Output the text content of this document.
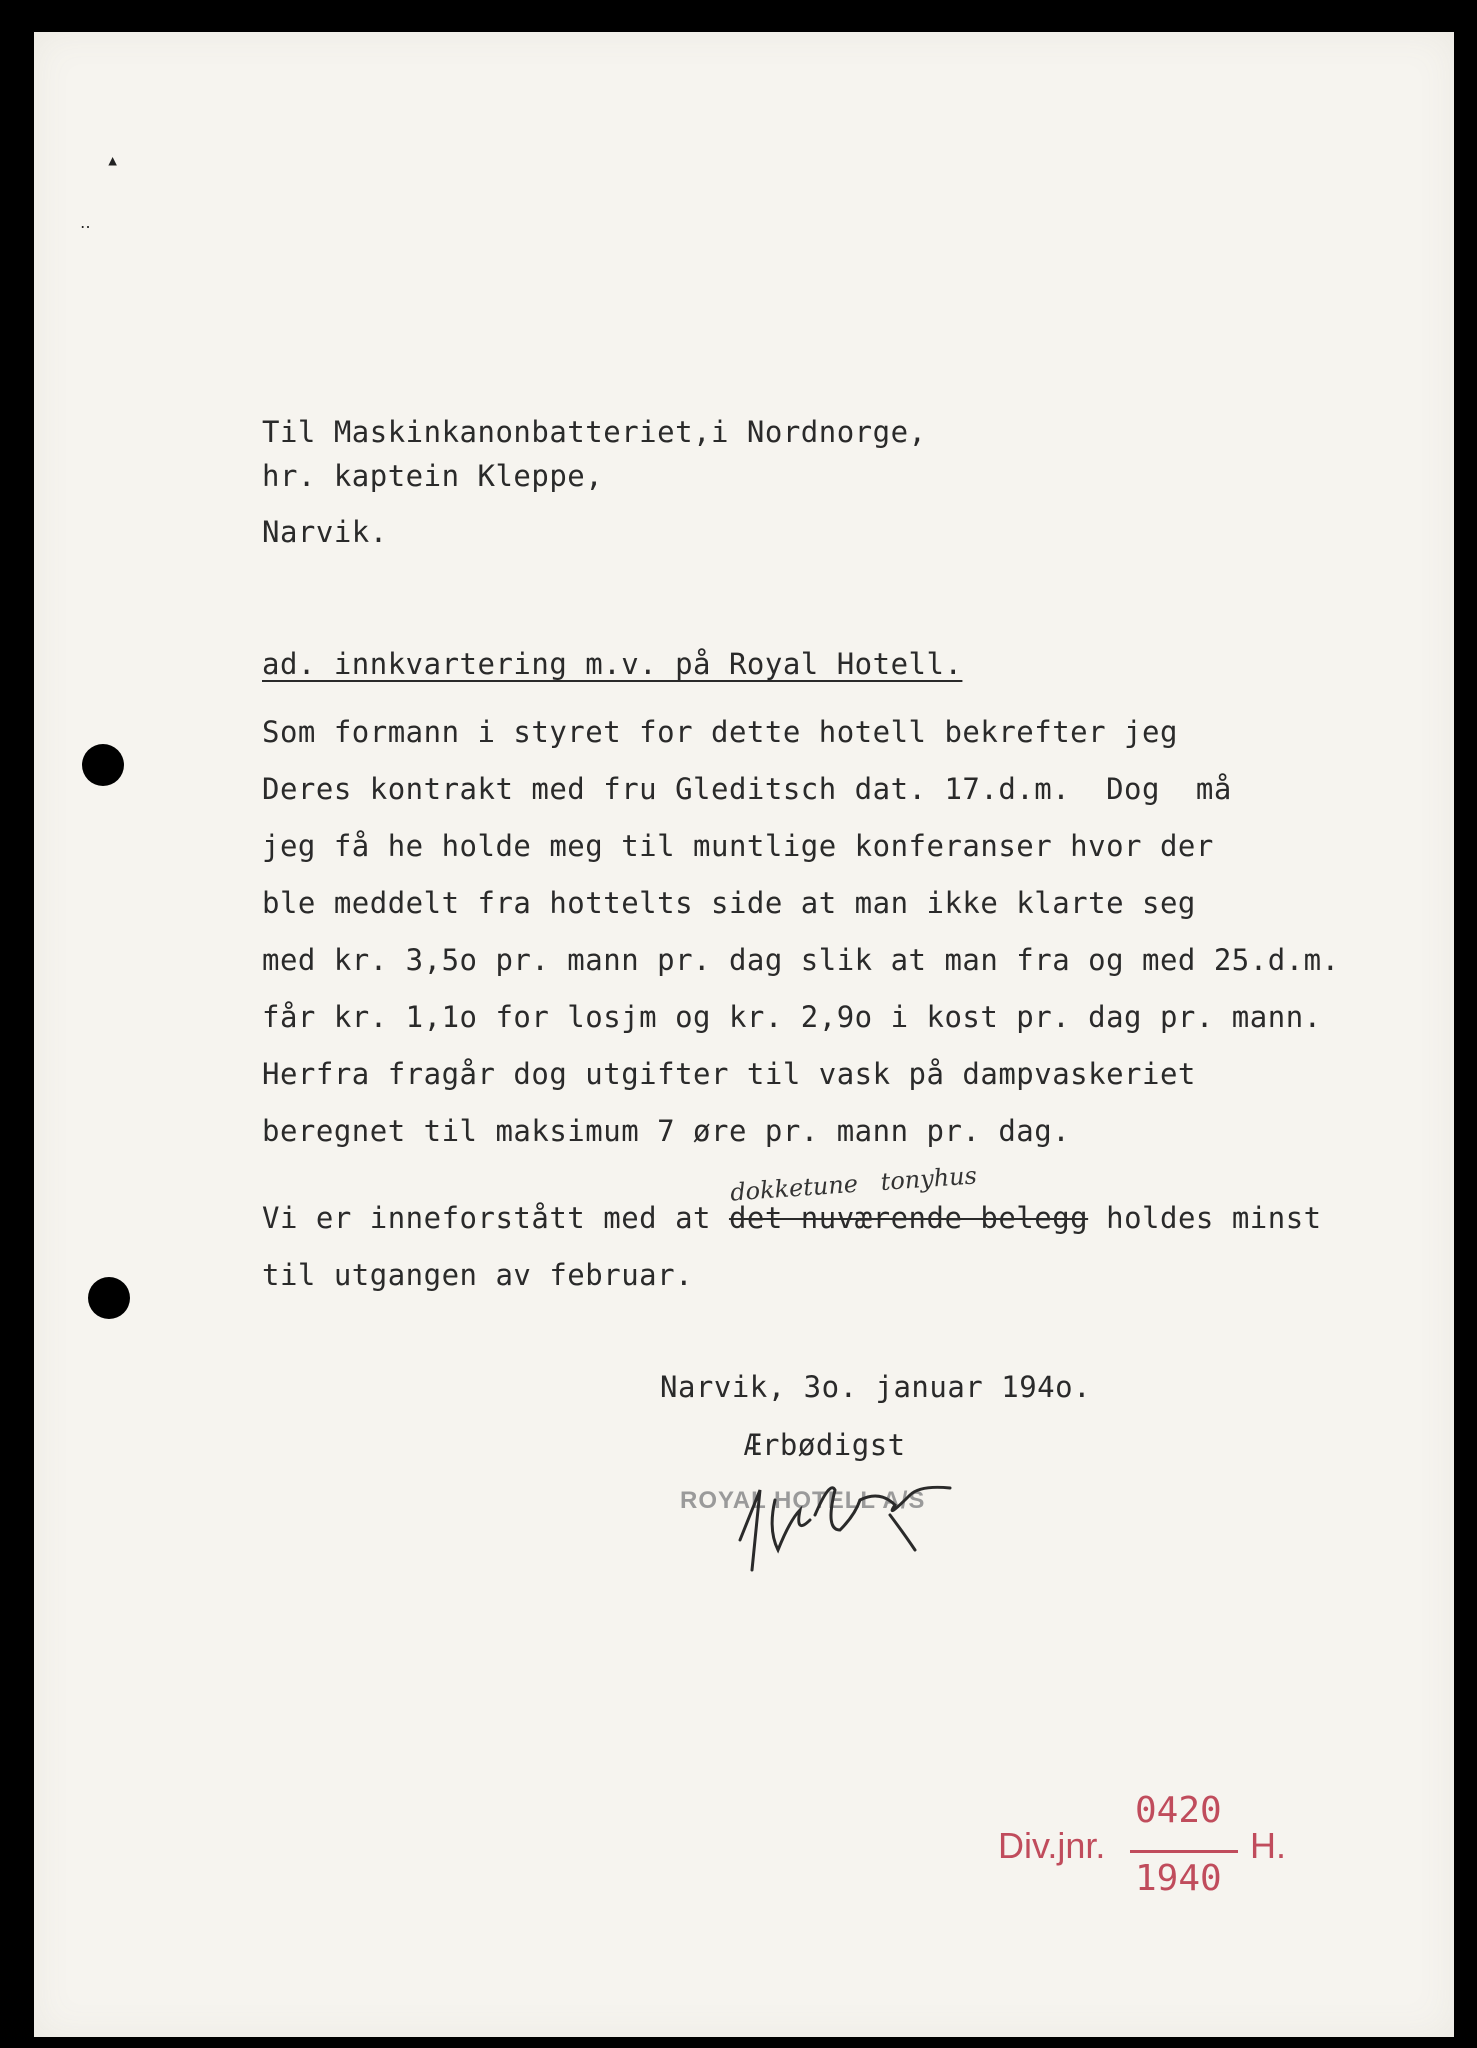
▴
‥

Til Maskinkanonbatteriet,i Nordnorge,

hr. kaptein Kleppe,

Narvik.

ad. innkvartering m.v. på Royal Hotell.

Som formann i styret for dette hotell bekrefter jeg

Deres kontrakt med fru Gleditsch dat. 17.d.m.  Dog  må

jeg få he holde meg til muntlige konferanser hvor der

ble meddelt fra hottelts side at man ikke klarte seg

med kr. 3,5o pr. mann pr. dag slik at man fra og med 25.d.m.

får kr. 1,1o for losjm og kr. 2,9o i kost pr. dag pr. mann.

Herfra fragår dog utgifter til vask på dampvaskeriet

beregnet til maksimum 7 øre pr. mann pr. dag.

dokketune   tonyhus

Vi er inneforstått med at det nuværende belegg holdes minst

til utgangen av februar.

Narvik, 3o. januar 194o.
Ærbødigst
ROYAL HOTELL A/S
Div.jnr.
0420
H.
1940
